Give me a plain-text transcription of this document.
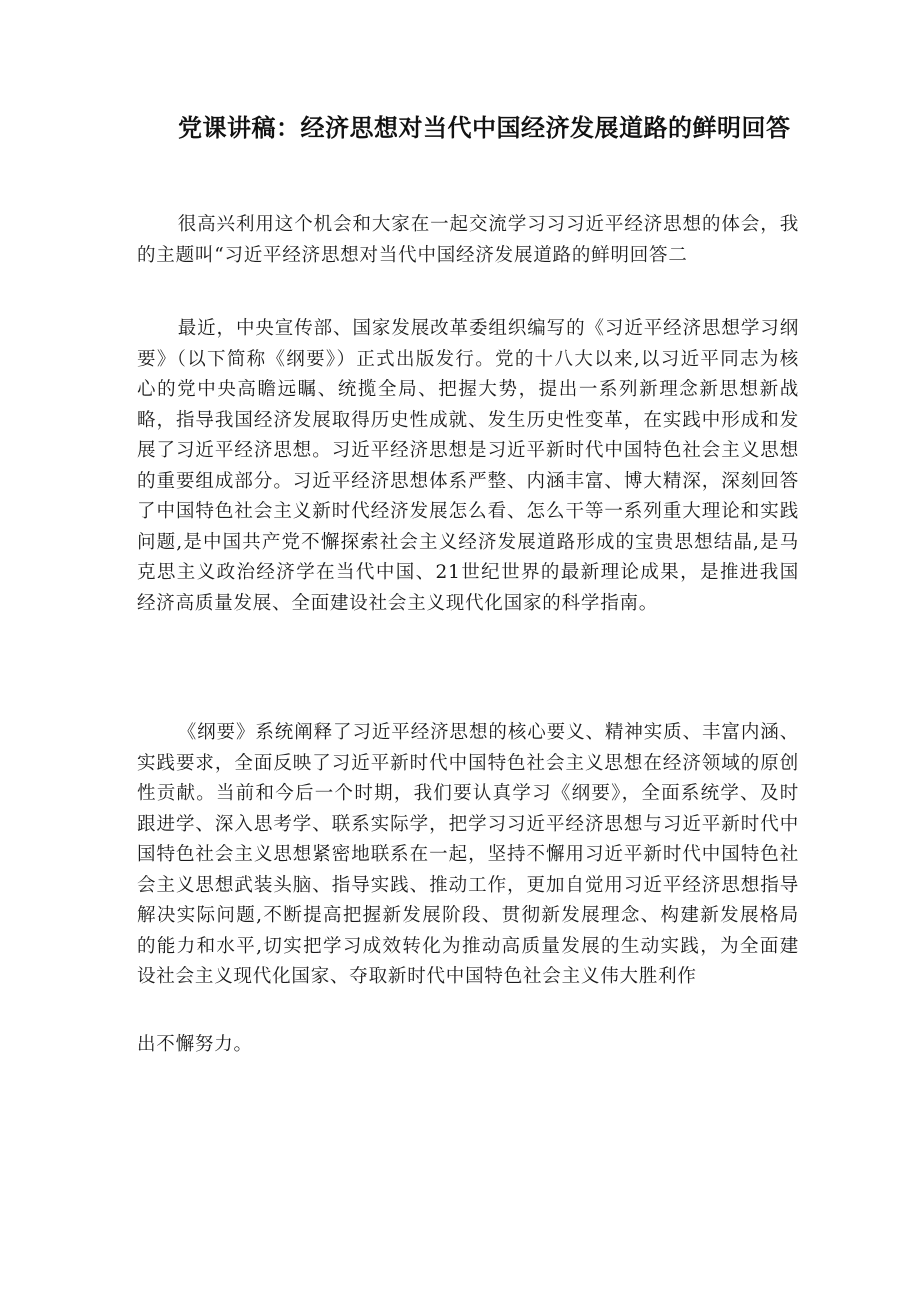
党课讲稿：经济思想对当代中国经济发展道路的鲜明回答

很高兴利用这个机会和大家在一起交流学习习习近平经济思想的体会，我的主题叫“习近平经济思想对当代中国经济发展道路的鲜明回答二

最近，中央宣传部、国家发展改革委组织编写的《习近平经济思想学习纲要》（以下简称《纲要》）正式出版发行。党的十八大以来,以习近平同志为核心的党中央高瞻远瞩、统揽全局、把握大势，提出一系列新理念新思想新战略，指导我国经济发展取得历史性成就、发生历史性变革，在实践中形成和发展了习近平经济思想。习近平经济思想是习近平新时代中国特色社会主义思想的重要组成部分。习近平经济思想体系严整、内涵丰富、博大精深，深刻回答了中国特色社会主义新时代经济发展怎么看、怎么干等一系列重大理论和实践问题,是中国共产党不懈探索社会主义经济发展道路形成的宝贵思想结晶,是马克思主义政治经济学在当代中国、21世纪世界的最新理论成果，是推进我国经济高质量发展、全面建设社会主义现代化国家的科学指南。

《纲要》系统阐释了习近平经济思想的核心要义、精神实质、丰富内涵、实践要求，全面反映了习近平新时代中国特色社会主义思想在经济领域的原创性贡献。当前和今后一个时期，我们要认真学习《纲要》，全面系统学、及时跟进学、深入思考学、联系实际学，把学习习近平经济思想与习近平新时代中国特色社会主义思想紧密地联系在一起，坚持不懈用习近平新时代中国特色社会主义思想武装头脑、指导实践、推动工作，更加自觉用习近平经济思想指导解决实际问题,不断提高把握新发展阶段、贯彻新发展理念、构建新发展格局的能力和水平,切实把学习成效转化为推动高质量发展的生动实践，为全面建设社会主义现代化国家、夺取新时代中国特色社会主义伟大胜利作

出不懈努力。
